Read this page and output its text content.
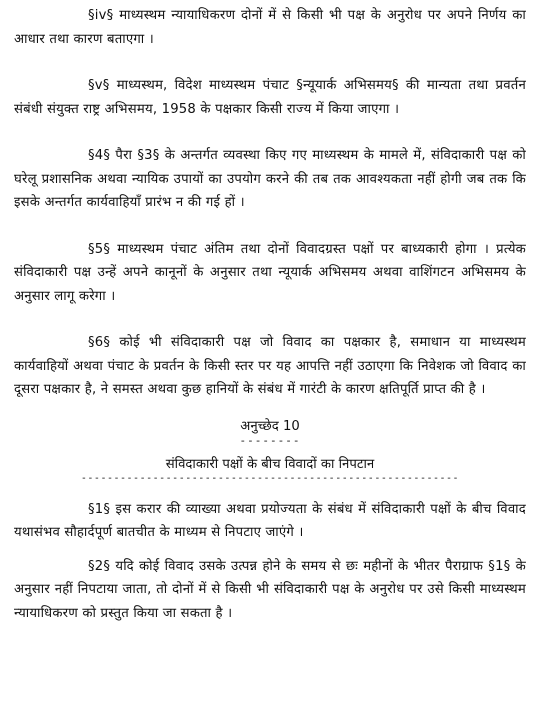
§iv§ माध्यस्थम न्यायाधिकरण दोनों में से किसी भी पक्ष के अनुरोध पर अपने निर्णय का आधार तथा कारण बताएगा ।

§v§ माध्यस्थम, विदेश माध्यस्थम पंचाट §न्यूयार्क अभिसमय§ की मान्यता तथा प्रवर्तन संबंधी संयुक्त राष्ट्र अभिसमय, 1958 के पक्षकार किसी राज्य में किया जाएगा ।

§4§ पैरा §3§ के अन्तर्गत व्यवस्था किए गए माध्यस्थम के मामले में, संविदाकारी पक्ष को घरेलू प्रशासनिक अथवा न्यायिक उपायों का उपयोग करने की तब तक आवश्यकता नहीं होगी जब तक कि इसके अन्तर्गत कार्यवाहियाँ प्रारंभ न की गई हों ।

§5§ माध्यस्थम पंचाट अंतिम तथा दोनों विवादग्रस्त पक्षों पर बाध्यकारी होगा । प्रत्येक संविदाकारी पक्ष उन्हें अपने कानूनों के अनुसार तथा न्यूयार्क अभिसमय अथवा वाशिंगटन अभिसमय के अनुसार लागू करेगा ।

§6§ कोई भी संविदाकारी पक्ष जो विवाद का पक्षकार है, समाधान या माध्यस्थम कार्यवाहियों अथवा पंचाट के प्रवर्तन के किसी स्तर पर यह आपत्ति नहीं उठाएगा कि निवेशक जो विवाद का दूसरा पक्षकार है, ने समस्त अथवा कुछ हानियों के संबंध में गारंटी के कारण क्षतिपूर्ति प्राप्त की है ।

अनुच्छेद 10
--------
संविदाकारी पक्षों के बीच विवादों का निपटान
----------------------------------------------------------

§1§ इस करार की व्याख्या अथवा प्रयोज्यता के संबंध में संविदाकारी पक्षों के बीच विवाद यथासंभव सौहार्दपूर्ण बातचीत के माध्यम से निपटाए जाएंगे ।

§2§ यदि कोई विवाद उसके उत्पन्न होने के समय से छः महीनों के भीतर पैराग्राफ §1§ के अनुसार नहीं निपटाया जाता, तो दोनों में से किसी भी संविदाकारी पक्ष के अनुरोध पर उसे किसी माध्यस्थम न्यायाधिकरण को प्रस्तुत किया जा सकता है ।
